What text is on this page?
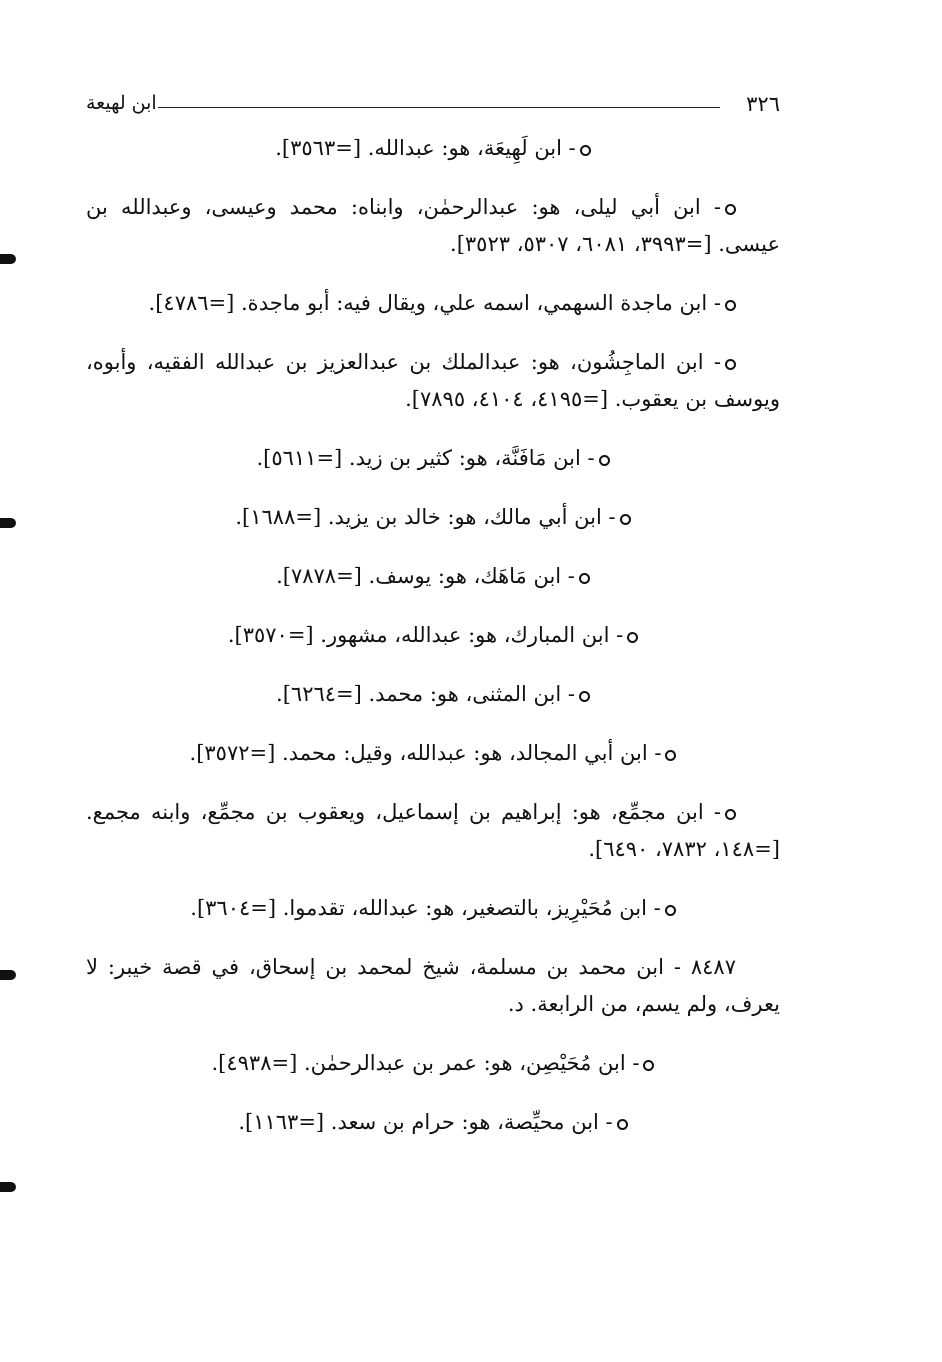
٣٢٦
ابن لهيعة

- ابن لَهِيعَة، هو: عبدالله. [=٣٥٦٣].

- ابن أبي ليلى، هو: عبدالرحمٰن، وابناه: محمد وعيسى، وعبدالله بن عيسى. [=٣٩٩٣، ٦٠٨١، ٥٣٠٧، ٣٥٢٣].

- ابن ماجدة السهمي، اسمه علي، ويقال فيه: أبو ماجدة. [=٤٧٨٦].

- ابن الماجِشُون، هو: عبدالملك بن عبدالعزيز بن عبدالله الفقيه، وأبوه، ويوسف بن يعقوب. [=٤١٩٥، ٤١٠٤، ٧٨٩٥].

- ابن مَافَنَّة، هو: كثير بن زيد. [=٥٦١١].

- ابن أبي مالك، هو: خالد بن يزيد. [=١٦٨٨].

- ابن مَاهَك، هو: يوسف. [=٧٨٧٨].

- ابن المبارك، هو: عبدالله، مشهور. [=٣٥٧٠].

- ابن المثنى، هو: محمد. [=٦٢٦٤].

- ابن أبي المجالد، هو: عبدالله، وقيل: محمد. [=٣٥٧٢].

- ابن مجمِّع، هو: إبراهيم بن إسماعيل، ويعقوب بن مجمِّع، وابنه مجمع. [=١٤٨، ٧٨٣٢، ٦٤٩٠].

- ابن مُحَيْرِيز، بالتصغير، هو: عبدالله، تقدموا. [=٣٦٠٤].

٨٤٨٧ - ابن محمد بن مسلمة، شيخ لمحمد بن إسحاق، في قصة خيبر: لا يعرف، ولم يسم، من الرابعة. د.

- ابن مُحَيْصِن، هو: عمر بن عبدالرحمٰن. [=٤٩٣٨].

- ابن محيِّصة، هو: حرام بن سعد. [=١١٦٣].
